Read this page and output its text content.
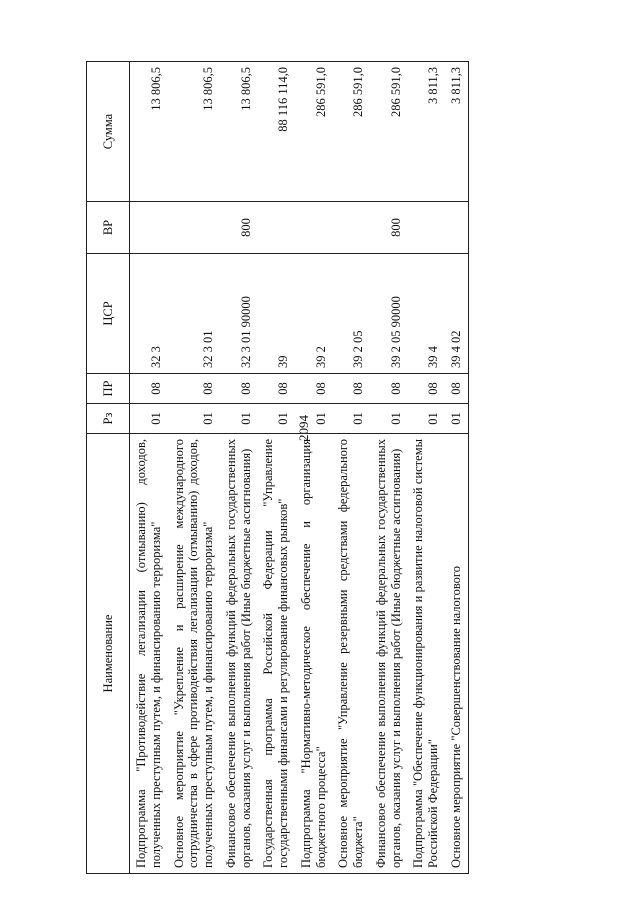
2094
Наименование	Рз	ПР	ЦСР	ВР	Сумма
Подпрограмма "Противодействие легализации (отмыванию) доходов, полученных преступным путем, и финансированию терроризма"	01	08	32 3		13 806,5
Основное мероприятие "Укрепление и расширение международного сотрудничества в сфере противодействия легализации (отмыванию) доходов, полученных преступным путем, и финансированию терроризма"	01	08	32 3 01		13 806,5
Финансовое обеспечение выполнения функций федеральных государственных органов, оказания услуг и выполнения работ (Иные бюджетные ассигнования)	01	08	32 3 01 90000	800	13 806,5
Государственная программа Российской Федерации "Управление государственными финансами и регулирование финансовых рынков"	01	08	39		88 116 114,0
Подпрограмма "Нормативно-методическое обеспечение и организация бюджетного процесса"	01	08	39 2		286 591,0
Основное мероприятие "Управление резервными средствами федерального бюджета"	01	08	39 2 05		286 591,0
Финансовое обеспечение выполнения функций федеральных государственных органов, оказания услуг и выполнения работ (Иные бюджетные ассигнования)	01	08	39 2 05 90000	800	286 591,0
Подпрограмма "Обеспечение функционирования и развитие налоговой системы Российской Федерации"	01	08	39 4		3 811,3
Основное мероприятие "Совершенствование налогового	01	08	39 4 02		3 811,3
